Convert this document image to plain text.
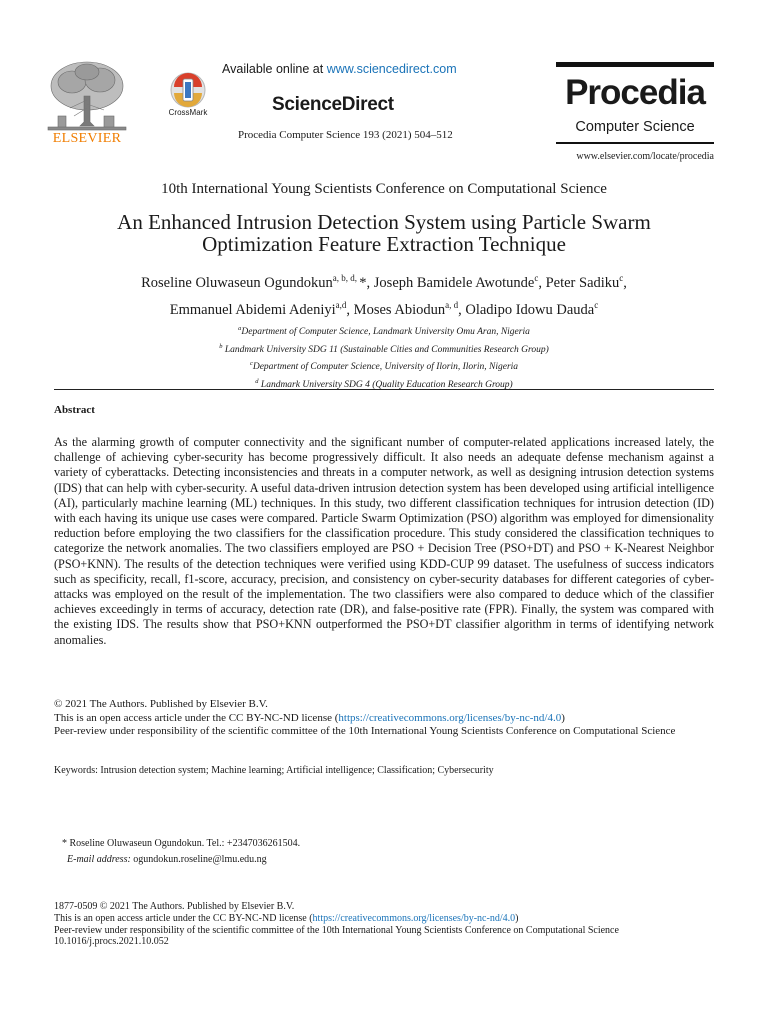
ELSEVIER
CrossMark
Available online at www.sciencedirect.com
ScienceDirect
Procedia Computer Science 193 (2021) 504–512
Procedia
Computer Science
www.elsevier.com/locate/procedia
10th International Young Scientists Conference on Computational Science
An Enhanced Intrusion Detection System using Particle Swarm
Optimization Feature Extraction Technique
Roseline Oluwaseun Ogundokun$^{a, b, d,}$ *, Joseph Bamidele Awotunde$^c$, Peter Sadiku$^c$,
Emmanuel Abidemi Adeniyi$^{a,d}$, Moses Abiodun$^{a, d}$, Oladipo Idowu Dauda$^c$
$^a$Department of Computer Science, Landmark University Omu Aran, Nigeria
$^b$ Landmark University SDG 11 (Sustainable Cities and Communities Research Group)
$^c$Department of Computer Science, University of Ilorin, Ilorin, Nigeria
$^d$ Landmark University SDG 4 (Quality Education Research Group)
Abstract
As the alarming growth of computer connectivity and the significant number of computer-related applications increased lately, the challenge of achieving cyber-security has become progressively difficult. It also needs an adequate defense mechanism against a variety of cyberattacks. Detecting inconsistencies and threats in a computer network, as well as designing intrusion detection systems (IDS) that can help with cyber-security. A useful data-driven intrusion detection system has been developed using artificial intelligence (AI), particularly machine learning (ML) techniques. In this study, two different classification techniques for intrusion detection (ID) with each having its unique use cases were compared. Particle Swarm Optimization (PSO) algorithm was employed for dimensionality reduction before employing the two classifiers for the classification procedure. This study considered the classification techniques to categorize the network anomalies. The two classifiers employed are PSO + Decision Tree (PSO+DT) and PSO + K-Nearest Neighbor (PSO+KNN). The results of the detection techniques were verified using KDD-CUP 99 dataset. The usefulness of success indicators such as specificity, recall, f1-score, accuracy, precision, and consistency on cyber-security databases for different categories of cyber-attacks was employed on the result of the implementation. The two classifiers were also compared to deduce which of the classifier achieves exceedingly in terms of accuracy, detection rate (DR), and false-positive rate (FPR). Finally, the system was compared with the existing IDS. The results show that PSO+KNN outperformed the PSO+DT classifier algorithm in terms of identifying network anomalies.
© 2021 The Authors. Published by Elsevier B.V.
This is an open access article under the CC BY-NC-ND license (https://creativecommons.org/licenses/by-nc-nd/4.0)
Peer-review under responsibility of the scientific committee of the 10th International Young Scientists Conference on Computational Science
Keywords: Intrusion detection system; Machine learning; Artificial intelligence; Classification; Cybersecurity
* Roseline Oluwaseun Ogundokun. Tel.: +2347036261504.
E-mail address: ogundokun.roseline@lmu.edu.ng
1877-0509 © 2021 The Authors. Published by Elsevier B.V.
This is an open access article under the CC BY-NC-ND license (https://creativecommons.org/licenses/by-nc-nd/4.0)
Peer-review under responsibility of the scientific committee of the 10th International Young Scientists Conference on Computational Science
10.1016/j.procs.2021.10.052
